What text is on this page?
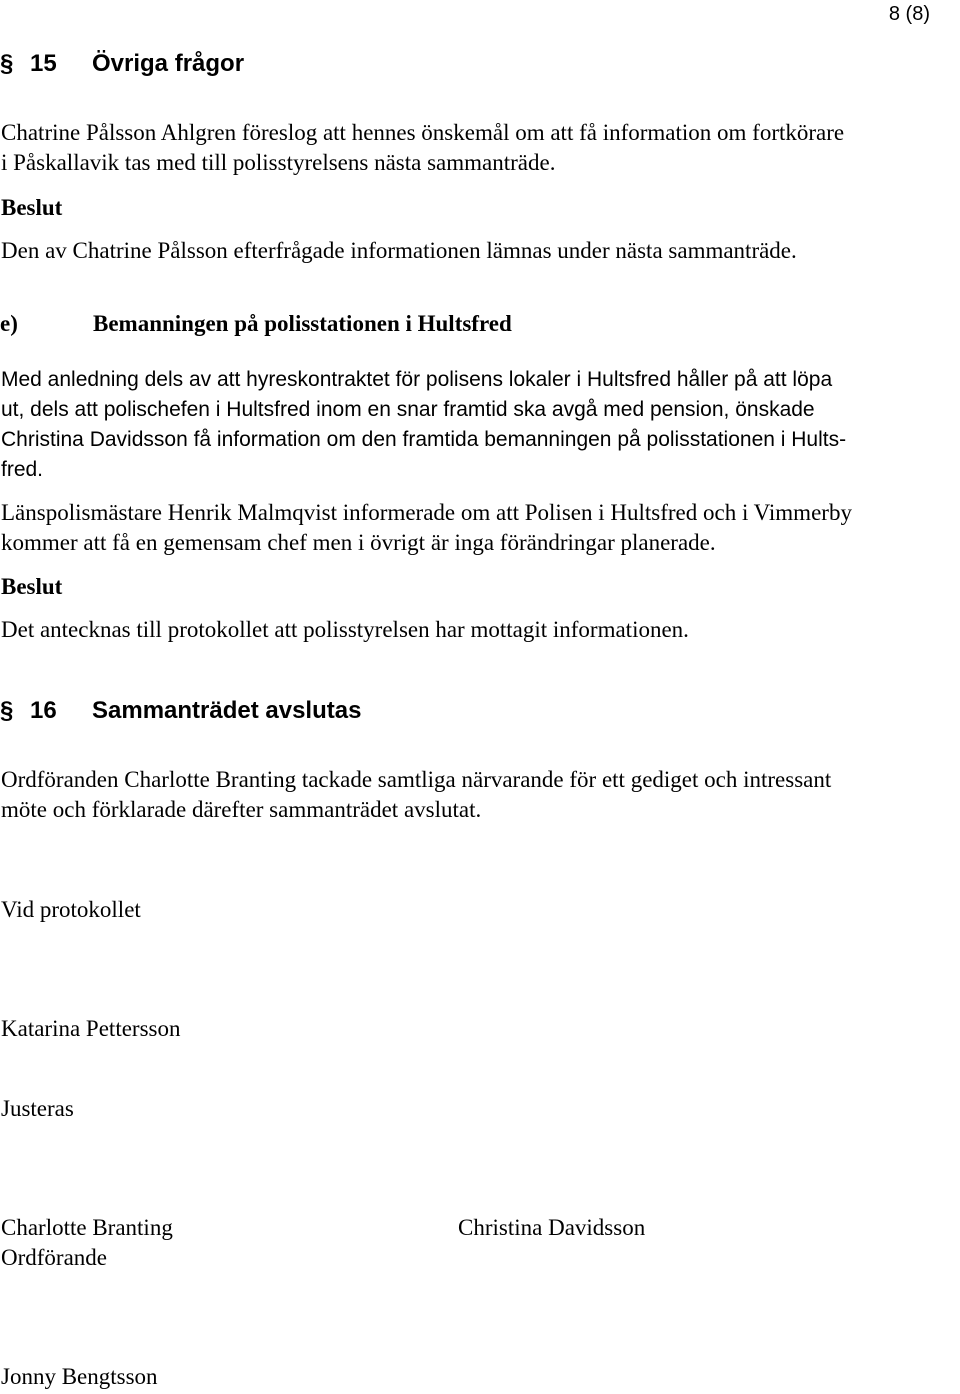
8 (8)
§ 15 Övriga frågor
Chatrine Pålsson Ahlgren föreslog att hennes önskemål om att få information om fortkörare
i Påskallavik tas med till polisstyrelsens nästa sammanträde.
Beslut
Den av Chatrine Pålsson efterfrågade informationen lämnas under nästa sammanträde.
e)	Bemanningen på polisstationen i Hultsfred
Med anledning dels av att hyreskontraktet för polisens lokaler i Hultsfred håller på att löpa
ut, dels att polischefen i Hultsfred inom en snar framtid ska avgå med pension, önskade
Christina Davidsson få information om den framtida bemanningen på polisstationen i Hults-
fred.
Länspolismästare Henrik Malmqvist informerade om att Polisen i Hultsfred och i Vimmerby
kommer att få en gemensam chef men i övrigt är inga förändringar planerade.
Beslut
Det antecknas till protokollet att polisstyrelsen har mottagit informationen.
§ 16 Sammanträdet avslutas
Ordföranden Charlotte Branting tackade samtliga närvarande för ett gediget och intressant
möte och förklarade därefter sammanträdet avslutat.
Vid protokollet
Katarina Pettersson
Justeras
Charlotte Branting
Ordförande
Christina Davidsson
Jonny Bengtsson
